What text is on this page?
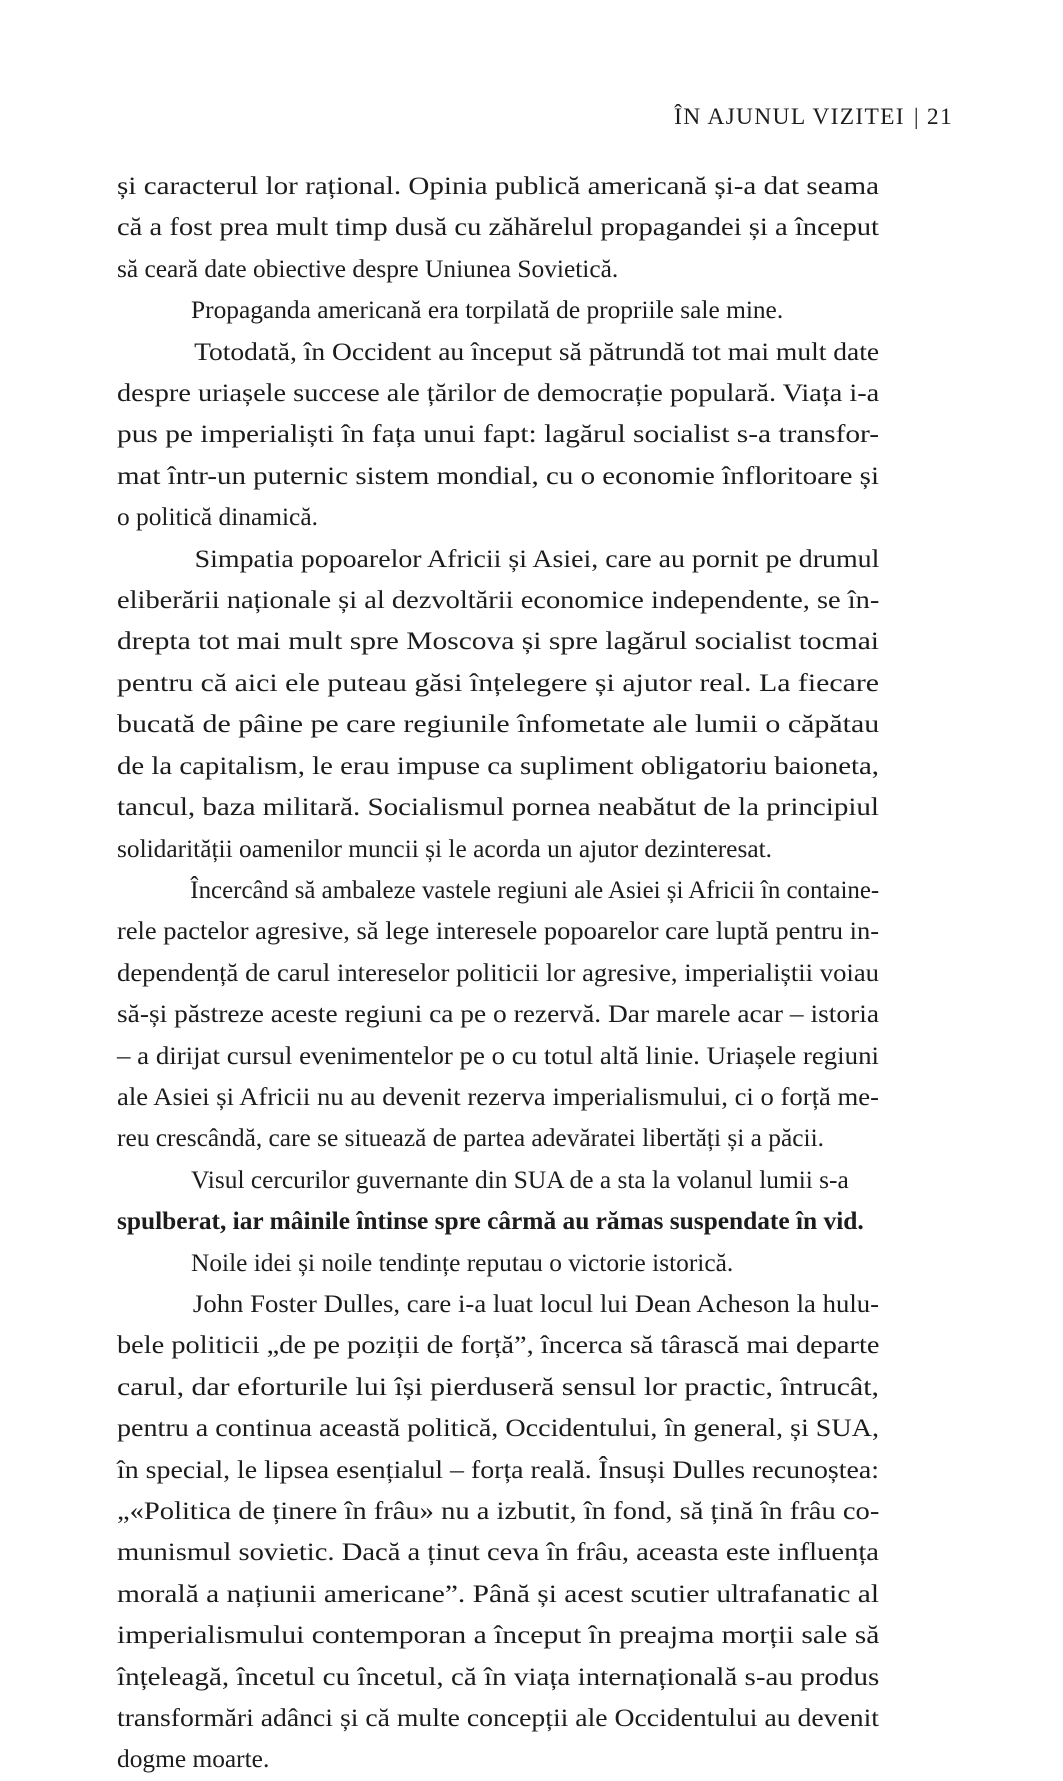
ÎN AJUNUL VIZITEI | 21

și caracterul lor rațional. Opinia publică americană și-a dat seama
că a fost prea mult timp dusă cu zăhărelul propagandei și a început
să ceară date obiective despre Uniunea Sovietică.

Propaganda americană era torpilată de propriile sale mine.

Totodată, în Occident au început să pătrundă tot mai mult date
despre uriașele succese ale țărilor de democrație populară. Viața i-a
pus pe imperialiști în fața unui fapt: lagărul socialist s-a transfor-
mat într-un puternic sistem mondial, cu o economie înfloritoare și
o politică dinamică.

Simpatia popoarelor Africii și Asiei, care au pornit pe drumul
eliberării naționale și al dezvoltării economice independente, se în-
drepta tot mai mult spre Moscova și spre lagărul socialist tocmai
pentru că aici ele puteau găsi înțelegere și ajutor real. La fiecare
bucată de pâine pe care regiunile înfometate ale lumii o căpătau
de la capitalism, le erau impuse ca supliment obligatoriu baioneta,
tancul, baza militară. Socialismul pornea neabătut de la principiul
solidarității oamenilor muncii și le acorda un ajutor dezinteresat.

Încercând să ambaleze vastele regiuni ale Asiei și Africii în containe-
rele pactelor agresive, să lege interesele popoarelor care luptă pentru in-
dependență de carul intereselor politicii lor agresive, imperialiștii voiau
să-și păstreze aceste regiuni ca pe o rezervă. Dar marele acar – istoria
– a dirijat cursul evenimentelor pe o cu totul altă linie. Uriașele regiuni
ale Asiei și Africii nu au devenit rezerva imperialismului, ci o forță me-
reu crescândă, care se situează de partea adevăratei libertăți și a păcii.

Visul cercurilor guvernante din SUA de a sta la volanul lumii s-a

spulberat, iar mâinile întinse spre cârmă au rămas suspendate în vid.

Noile idei și noile tendințe reputau o victorie istorică.

John Foster Dulles, care i-a luat locul lui Dean Acheson la hulu-
bele politicii „de pe poziții de forță”, încerca să târască mai departe
carul, dar eforturile lui își pierduseră sensul lor practic, întrucât,
pentru a continua această politică, Occidentului, în general, și SUA,
în special, le lipsea esențialul – forța reală. Însuși Dulles recunoștea:
„«Politica de ținere în frâu» nu a izbutit, în fond, să țină în frâu co-
munismul sovietic. Dacă a ținut ceva în frâu, aceasta este influența
morală a națiunii americane”. Până și acest scutier ultrafanatic al
imperialismului contemporan a început în preajma morții sale să
înțeleagă, încetul cu încetul, că în viața internațională s-au produs
transformări adânci și că multe concepții ale Occidentului au devenit
dogme moarte.
